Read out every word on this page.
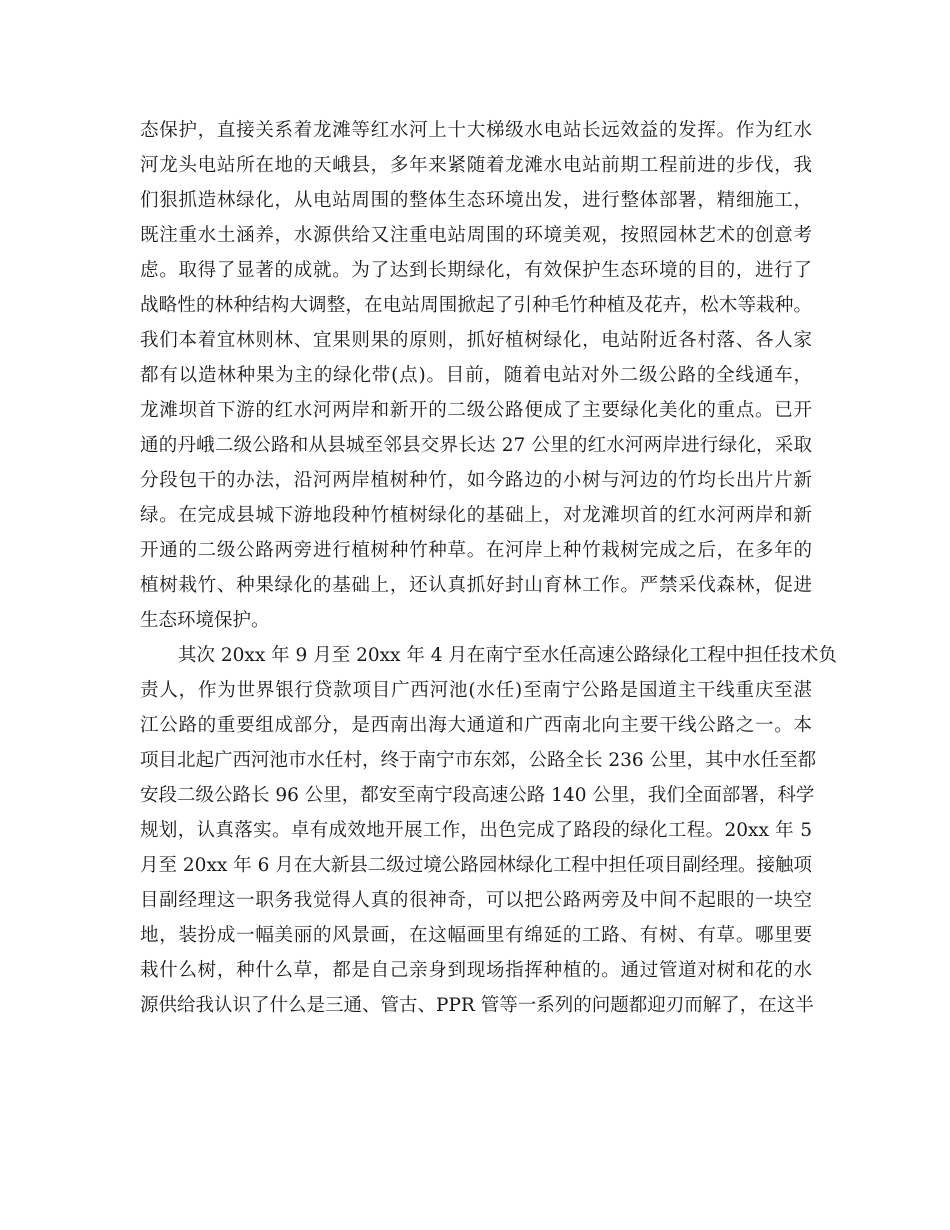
态保护，直接关系着龙滩等红水河上十大梯级水电站长远效益的发挥。作为红水
河龙头电站所在地的天峨县，多年来紧随着龙滩水电站前期工程前进的步伐，我
们狠抓造林绿化，从电站周围的整体生态环境出发，进行整体部署，精细施工，
既注重水土涵养，水源供给又注重电站周围的环境美观，按照园林艺术的创意考
虑。取得了显著的成就。为了达到长期绿化，有效保护生态环境的目的，进行了
战略性的林种结构大调整，在电站周围掀起了引种毛竹种植及花卉，松木等栽种。
我们本着宜林则林、宜果则果的原则，抓好植树绿化，电站附近各村落、各人家
都有以造林种果为主的绿化带(点)。目前，随着电站对外二级公路的全线通车，
龙滩坝首下游的红水河两岸和新开的二级公路便成了主要绿化美化的重点。已开
通的丹峨二级公路和从县城至邻县交界长达 27 公里的红水河两岸进行绿化，采取
分段包干的办法，沿河两岸植树种竹，如今路边的小树与河边的竹均长出片片新
绿。在完成县城下游地段种竹植树绿化的基础上，对龙滩坝首的红水河两岸和新
开通的二级公路两旁进行植树种竹种草。在河岸上种竹栽树完成之后，在多年的
植树栽竹、种果绿化的基础上，还认真抓好封山育林工作。严禁采伐森林，促进
生态环境保护。
其次 20xx 年 9 月至 20xx 年 4 月在南宁至水任高速公路绿化工程中担任技术负
责人，作为世界银行贷款项目广西河池(水任)至南宁公路是国道主干线重庆至湛
江公路的重要组成部分，是西南出海大通道和广西南北向主要干线公路之一。本
项目北起广西河池市水任村，终于南宁市东郊，公路全长 236 公里，其中水任至都
安段二级公路长 96 公里，都安至南宁段高速公路 140 公里，我们全面部署，科学
规划，认真落实。卓有成效地开展工作，出色完成了路段的绿化工程。20xx 年 5
月至 20xx 年 6 月在大新县二级过境公路园林绿化工程中担任项目副经理。接触项
目副经理这一职务我觉得人真的很神奇，可以把公路两旁及中间不起眼的一块空
地，装扮成一幅美丽的风景画，在这幅画里有绵延的工路、有树、有草。哪里要
栽什么树，种什么草，都是自己亲身到现场指挥种植的。通过管道对树和花的水
源供给我认识了什么是三通、管古、PPR 管等一系列的问题都迎刃而解了，在这半
